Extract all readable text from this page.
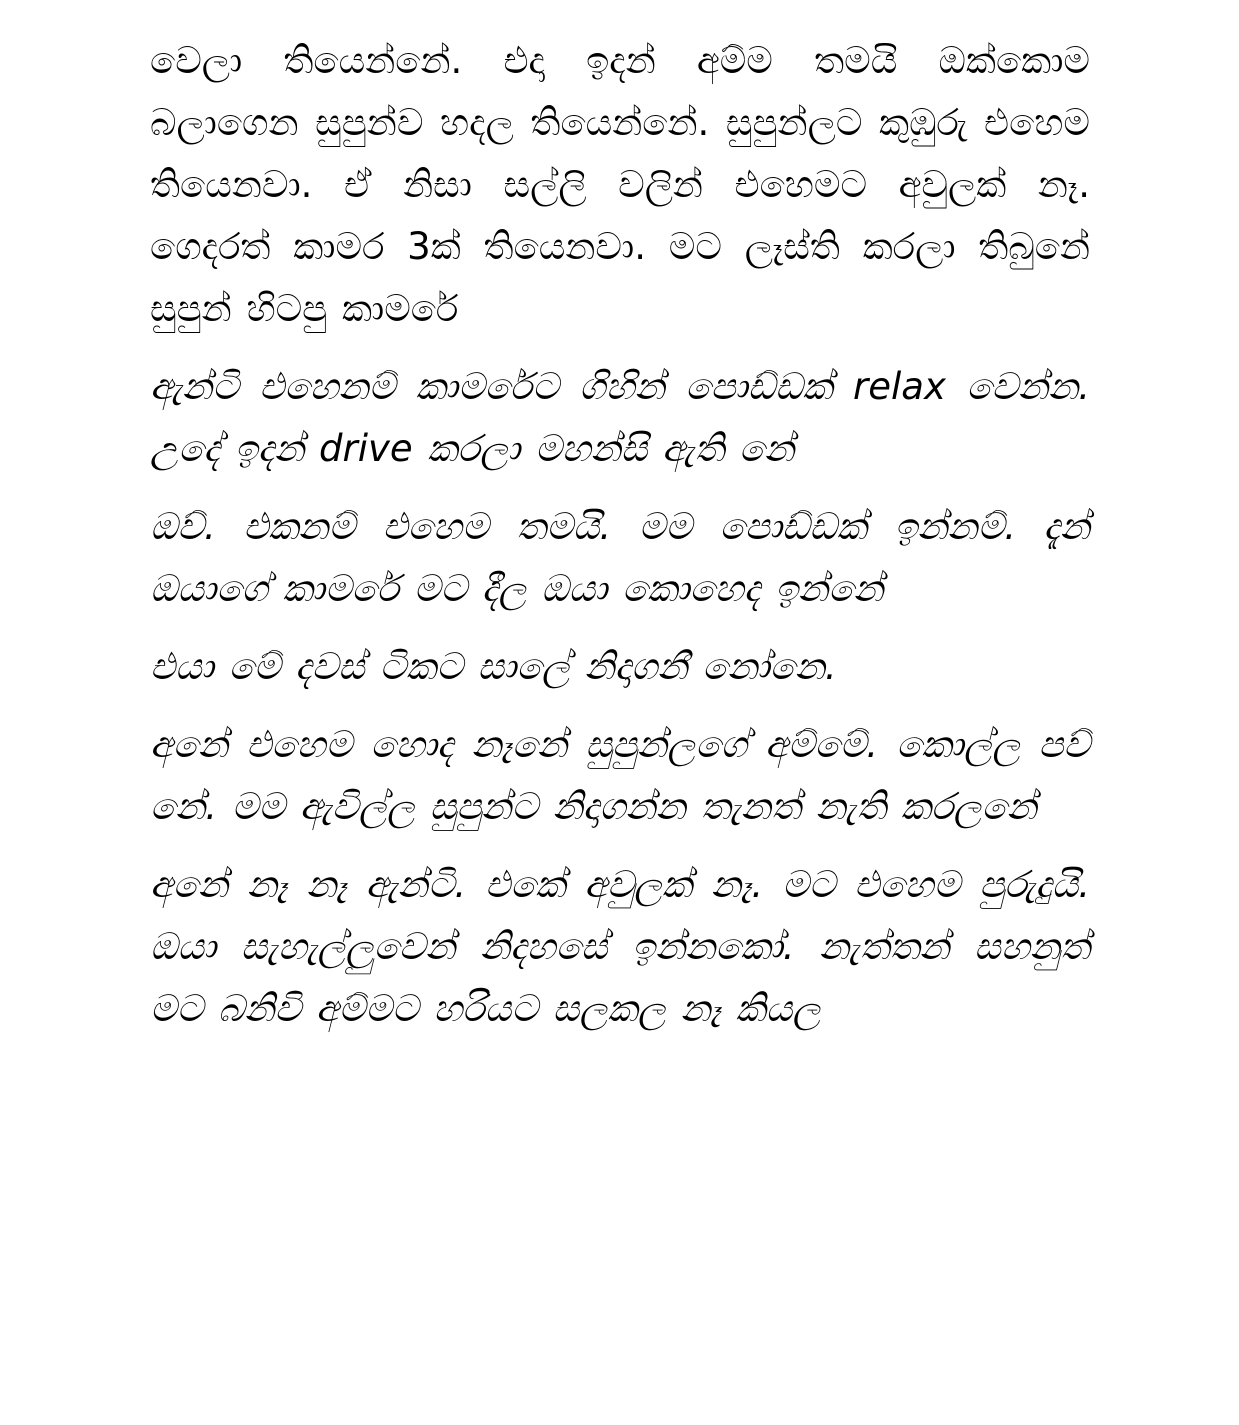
වෙලා තියෙන්නේ. එදා ඉදන් අම්ම තමයි ඔක්කොම බලාගෙන සුපුන්ව හදල තියෙන්නේ. සුපුන්ලට කුඹුරු එහෙම තියෙනවා. ඒ නිසා සල්ලි වලින් එහෙමට අවුලක් නෑ. ගෙදරත් කාමර 3ක් තියෙනවා. මට ලෑස්ති කරලා තිබුනේ සුපුන් හිටපු කාමරේ

ඇන්ටි එහෙනම් කාමරේට ගිහින් පොඩ්ඩක් relax වෙන්න. උදේ ඉදන් drive කරලා මහන්සි ඇති නේ

ඔව්. එකනම් එහෙම තමයි. මම පොඩ්ඩක් ඉන්නම්. දැන් ඔයාගේ කාමරේ මට දීල ඔයා කොහෙද ඉන්නේ

එයා මේ දවස් ටිකට සාලේ නිදාගනී නෝනෙ.

අනේ එහෙම හොද නෑනේ සුපුන්ලගේ අම්මේ. කොල්ල පව් නේ. මම ඇවිල්ල සුපුන්ට නිදාගන්න තැනත් නැති කරලනේ

අනේ නෑ නෑ ඇන්ටි. එකේ අවුලක් නෑ. මට එහෙම පුරුදුයි. ඔයා සැහැල්ලුවෙන් නිදහසේ ඉන්නකෝ. නැත්තන් සහනුත් මට බනිවි අම්මට හරියට සලකල නෑ කියල
